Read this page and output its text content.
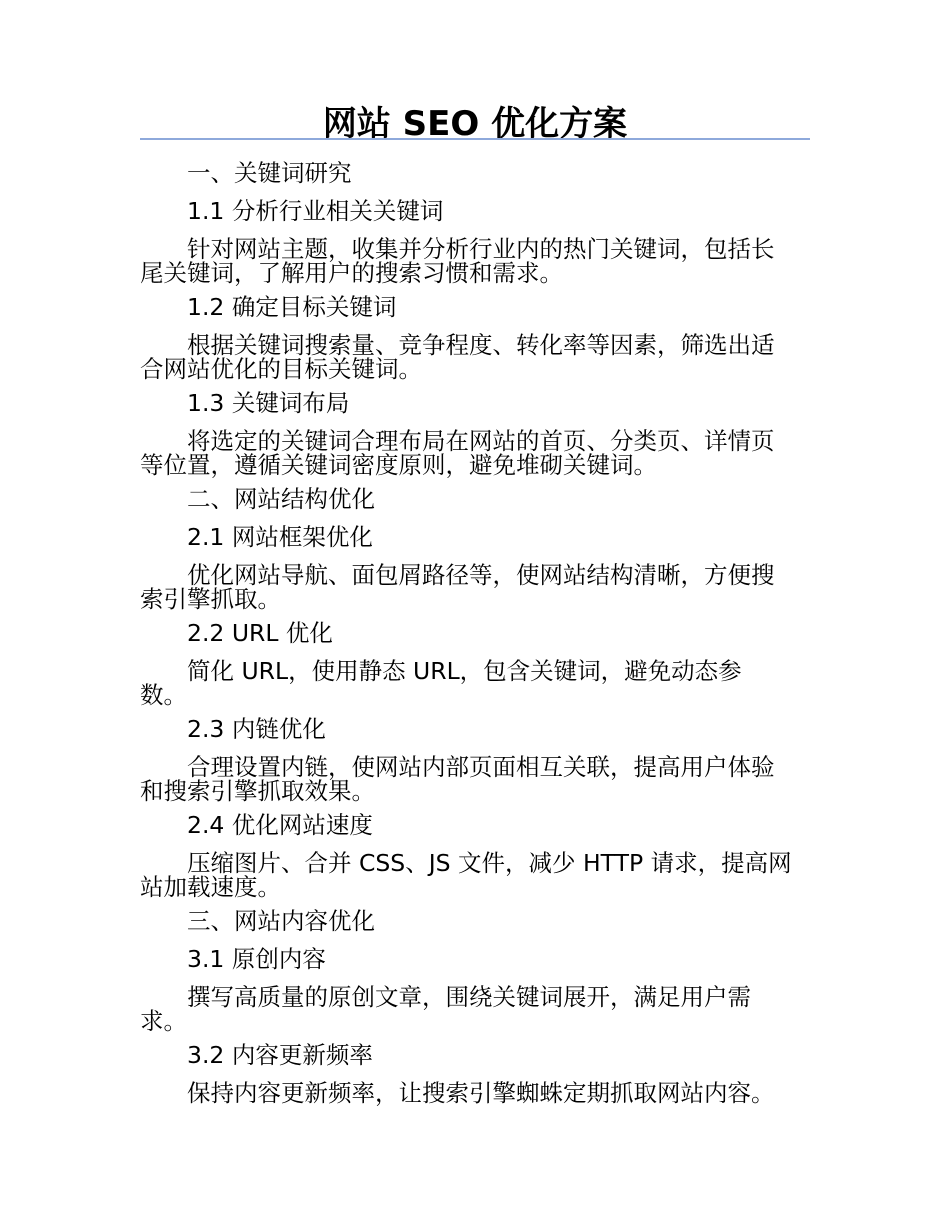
网站 SEO 优化方案
一、关键词研究
1.1 分析行业相关关键词
针对网站主题，收集并分析行业内的热门关键词，包括长
尾关键词，了解用户的搜索习惯和需求。
1.2 确定目标关键词
根据关键词搜索量、竞争程度、转化率等因素，筛选出适
合网站优化的目标关键词。
1.3 关键词布局
将选定的关键词合理布局在网站的首页、分类页、详情页
等位置，遵循关键词密度原则，避免堆砌关键词。
二、网站结构优化
2.1 网站框架优化
优化网站导航、面包屑路径等，使网站结构清晰，方便搜
索引擎抓取。
2.2 URL 优化
简化 URL，使用静态 URL，包含关键词，避免动态参
数。
2.3 内链优化
合理设置内链，使网站内部页面相互关联，提高用户体验
和搜索引擎抓取效果。
2.4 优化网站速度
压缩图片、合并 CSS、JS 文件，减少 HTTP 请求，提高网
站加载速度。
三、网站内容优化
3.1 原创内容
撰写高质量的原创文章，围绕关键词展开，满足用户需
求。
3.2 内容更新频率
保持内容更新频率，让搜索引擎蜘蛛定期抓取网站内容。
